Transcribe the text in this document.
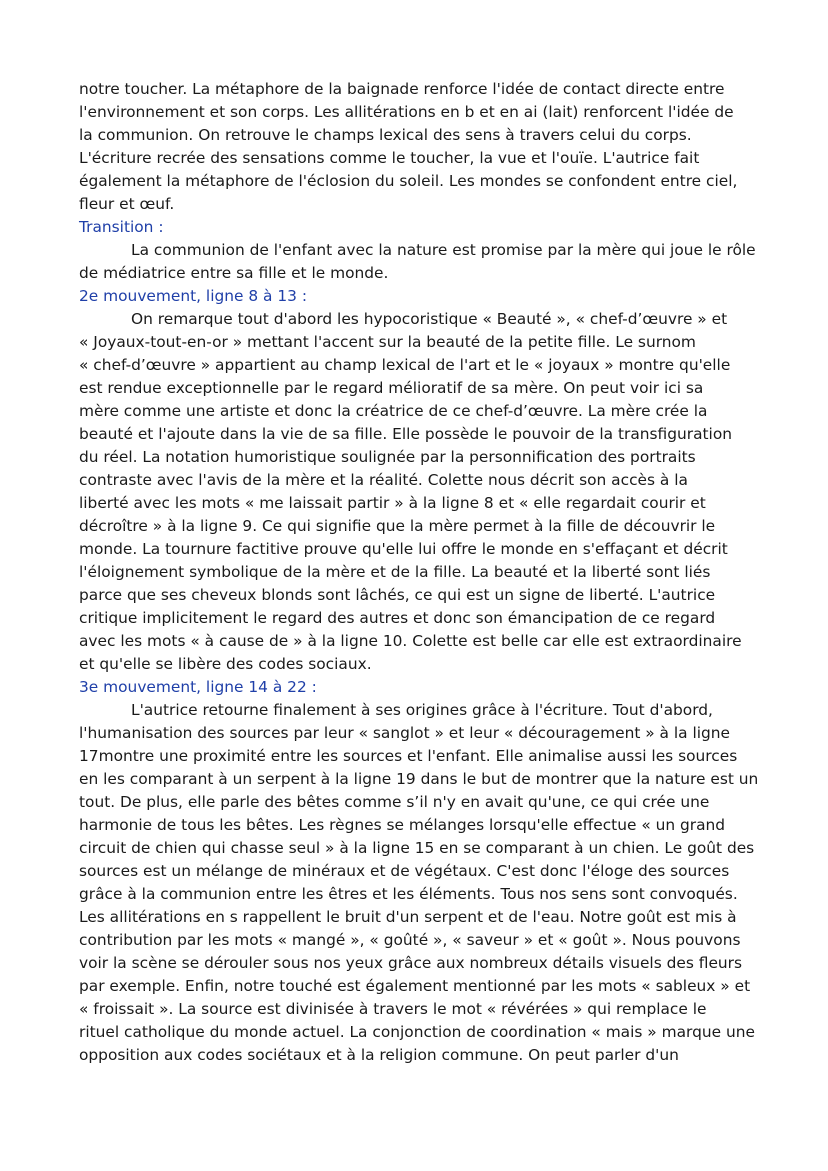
notre toucher. La métaphore de la baignade renforce l'idée de contact directe entre
l'environnement et son corps. Les allitérations en b et en ai (lait) renforcent l'idée de
la communion. On retrouve le champs lexical des sens à travers celui du corps.
L'écriture recrée des sensations comme le toucher, la vue et l'ouïe. L'autrice fait
également la métaphore de l'éclosion du soleil. Les mondes se confondent entre ciel,
fleur et œuf.
Transition :
La communion de l'enfant avec la nature est promise par la mère qui joue le rôle
de médiatrice entre sa fille et le monde.
2e mouvement, ligne 8 à 13 :
On remarque tout d'abord les hypocoristique « Beauté », « chef-d’œuvre » et
« Joyaux-tout-en-or » mettant l'accent sur la beauté de la petite fille. Le surnom
« chef-d’œuvre » appartient au champ lexical de l'art et le « joyaux » montre qu'elle
est rendue exceptionnelle par le regard mélioratif de sa mère. On peut voir ici sa
mère comme une artiste et donc la créatrice de ce chef-d’œuvre. La mère crée la
beauté et l'ajoute dans la vie de sa fille. Elle possède le pouvoir de la transfiguration
du réel. La notation humoristique soulignée par la personnification des portraits
contraste avec l'avis de la mère et la réalité. Colette nous décrit son accès à la
liberté avec les mots « me laissait partir » à la ligne 8 et « elle regardait courir et
décroître » à la ligne 9. Ce qui signifie que la mère permet à la fille de découvrir le
monde. La tournure factitive prouve qu'elle lui offre le monde en s'effaçant et décrit
l'éloignement symbolique de la mère et de la fille. La beauté et la liberté sont liés
parce que ses cheveux blonds sont lâchés, ce qui est un signe de liberté. L'autrice
critique implicitement le regard des autres et donc son émancipation de ce regard
avec les mots « à cause de » à la ligne 10. Colette est belle car elle est extraordinaire
et qu'elle se libère des codes sociaux.
3e mouvement, ligne 14 à 22 :
L'autrice retourne finalement à ses origines grâce à l'écriture. Tout d'abord,
l'humanisation des sources par leur « sanglot » et leur « découragement » à la ligne
17montre une proximité entre les sources et l'enfant. Elle animalise aussi les sources
en les comparant à un serpent à la ligne 19 dans le but de montrer que la nature est un
tout. De plus, elle parle des bêtes comme s’il n'y en avait qu'une, ce qui crée une
harmonie de tous les bêtes. Les règnes se mélanges lorsqu'elle effectue « un grand
circuit de chien qui chasse seul » à la ligne 15 en se comparant à un chien. Le goût des
sources est un mélange de minéraux et de végétaux. C'est donc l'éloge des sources
grâce à la communion entre les êtres et les éléments. Tous nos sens sont convoqués.
Les allitérations en s rappellent le bruit d'un serpent et de l'eau. Notre goût est mis à
contribution par les mots « mangé », « goûté », « saveur » et « goût ». Nous pouvons
voir la scène se dérouler sous nos yeux grâce aux nombreux détails visuels des fleurs
par exemple. Enfin, notre touché est également mentionné par les mots « sableux » et
« froissait ». La source est divinisée à travers le mot « révérées » qui remplace le
rituel catholique du monde actuel. La conjonction de coordination « mais » marque une
opposition aux codes sociétaux et à la religion commune. On peut parler d'un
